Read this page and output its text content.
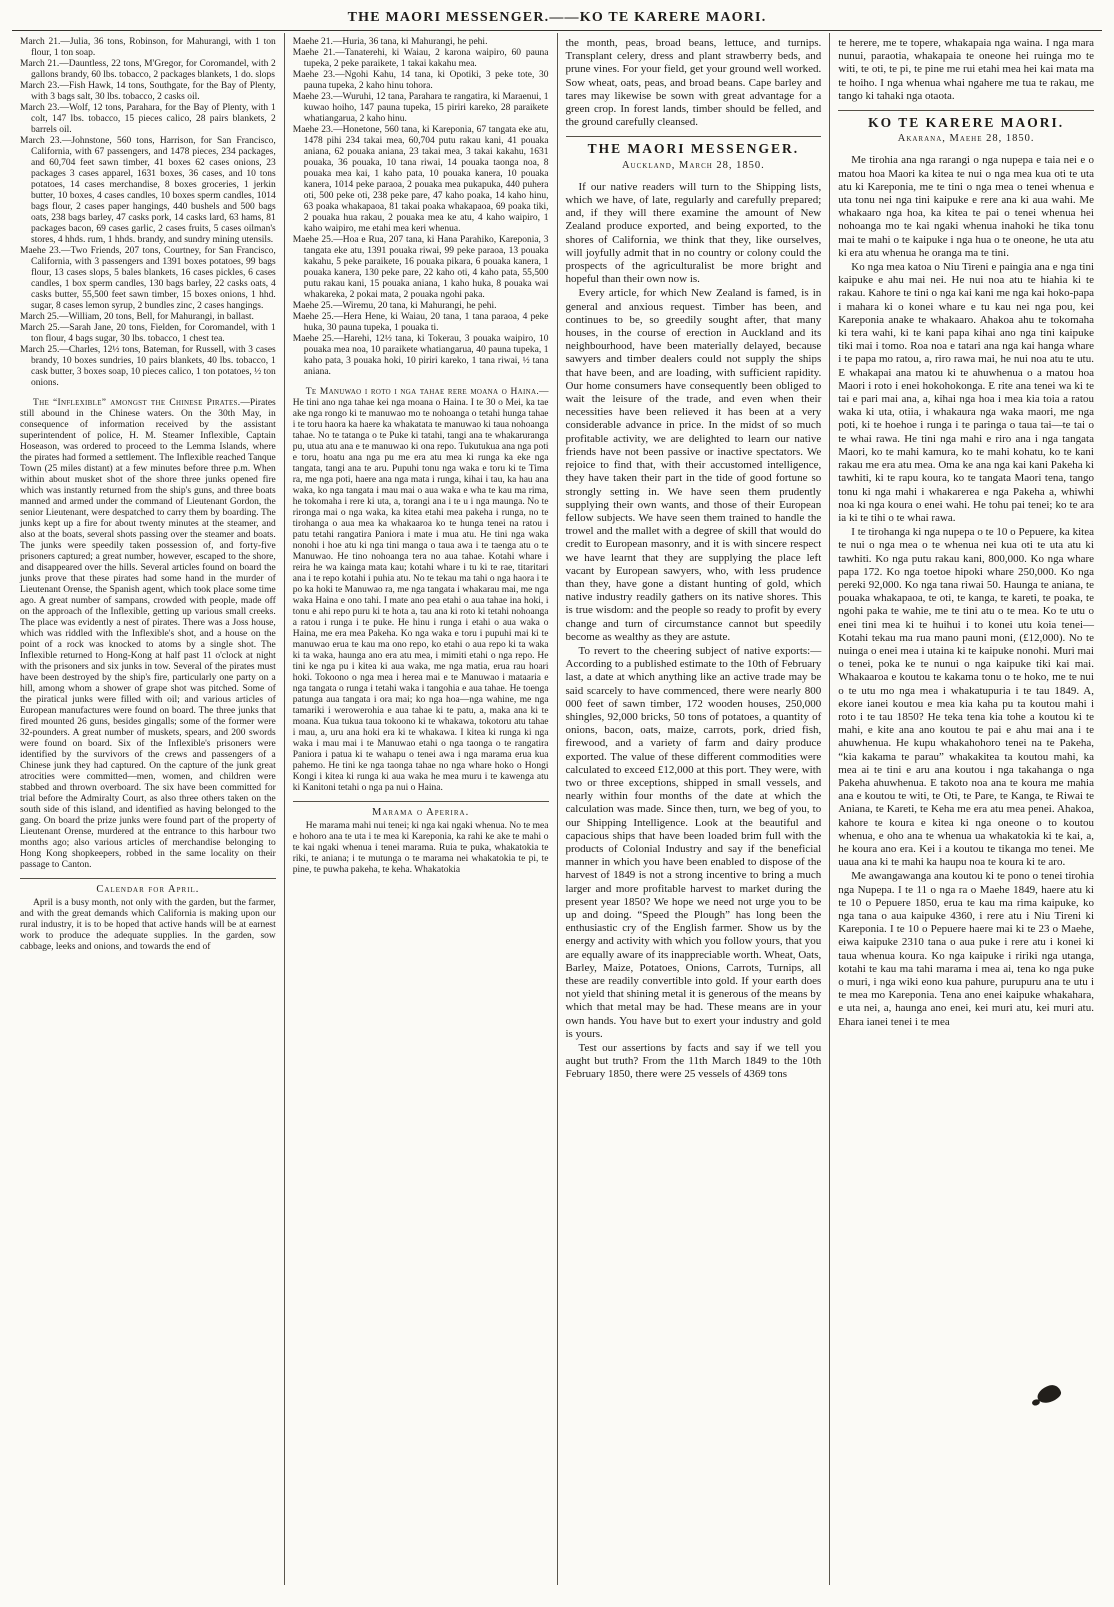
THE MAORI MESSENGER.——KO TE KARERE MAORI.

March 21.—Julia, 36 tons, Robinson, for Mahurangi, with 1 ton flour, 1 ton soap.

March 21.—Dauntless, 22 tons, M'Gregor, for Coromandel, with 2 gallons brandy, 60 lbs. tobacco, 2 packages blankets, 1 do. slops

March 23.—Fish Hawk, 14 tons, Southgate, for the Bay of Plenty, with 3 bags salt, 30 lbs. tobacco, 2 casks oil.

March 23.—Wolf, 12 tons, Parahara, for the Bay of Plenty, with 1 colt, 147 lbs. tobacco, 15 pieces calico, 28 pairs blankets, 2 barrels oil.

March 23.—Johnstone, 560 tons, Harrison, for San Francisco, California, with 67 passengers, and 1478 pieces, 234 packages, and 60,704 feet sawn timber, 41 boxes 62 cases onions, 23 packages 3 cases apparel, 1631 boxes, 36 cases, and 10 tons potatoes, 14 cases merchandise, 8 boxes groceries, 1 jerkin butter, 10 boxes, 4 cases candles, 10 boxes sperm candles, 1014 bags flour, 2 cases paper hangings, 440 bushels and 500 bags oats, 238 bags barley, 47 casks pork, 14 casks lard, 63 hams, 81 packages bacon, 69 cases garlic, 2 cases fruits, 5 cases oilman's stores, 4 hhds. rum, 1 hhds. brandy, and sundry mining utensils.

Maehe 23.—Two Friends, 207 tons, Courtney, for San Francisco, California, with 3 passengers and 1391 boxes potatoes, 99 bags flour, 13 cases slops, 5 bales blankets, 16 cases pickles, 6 cases candles, 1 box sperm candles, 130 bags barley, 22 casks oats, 4 casks butter, 55,500 feet sawn timber, 15 boxes onions, 1 hhd. sugar, 8 cases lemon syrup, 2 bundles zinc, 2 cases hangings.

March 25.—William, 20 tons, Bell, for Mahurangi, in ballast.

March 25.—Sarah Jane, 20 tons, Fielden, for Coromandel, with 1 ton flour, 4 bags sugar, 30 lbs. tobacco, 1 chest tea.

March 25.—Charles, 12½ tons, Bateman, for Russell, with 3 cases brandy, 10 boxes sundries, 10 pairs blankets, 40 lbs. tobacco, 1 cask butter, 3 boxes soap, 10 pieces calico, 1 ton potatoes, ½ ton onions.

The “Inflexible” amongst the Chinese Pirates.—Pirates still abound in the Chinese waters. On the 30th May, in consequence of information received by the assistant superintendent of police, H. M. Steamer Inflexible, Captain Hoseason, was ordered to proceed to the Lemma Islands, where the pirates had formed a settlement. The Inflexible reached Tanque Town (25 miles distant) at a few minutes before three p.m. When within about musket shot of the shore three junks opened fire which was instantly returned from the ship's guns, and three boats manned and armed under the command of Lieutenant Gordon, the senior Lieutenant, were despatched to carry them by boarding. The junks kept up a fire for about twenty minutes at the steamer, and also at the boats, several shots passing over the steamer and boats. The junks were speedily taken possession of, and forty-five prisoners captured; a great number, however, escaped to the shore, and disappeared over the hills. Several articles found on board the junks prove that these pirates had some hand in the murder of Lieutenant Orense, the Spanish agent, which took place some time ago. A great number of sampans, crowded with people, made off on the approach of the Inflexible, getting up various small creeks. The place was evidently a nest of pirates. There was a Joss house, which was riddled with the Inflexible's shot, and a house on the point of a rock was knocked to atoms by a single shot. The Inflexible returned to Hong-Kong at half past 11 o'clock at night with the prisoners and six junks in tow. Several of the pirates must have been destroyed by the ship's fire, particularly one party on a hill, among whom a shower of grape shot was pitched. Some of the piratical junks were filled with oil; and various articles of European manufactures were found on board. The three junks that fired mounted 26 guns, besides gingalls; some of the former were 32-pounders. A great number of muskets, spears, and 200 swords were found on board. Six of the Inflexible's prisoners were identified by the survivors of the crews and passengers of a Chinese junk they had captured. On the capture of the junk great atrocities were committed—men, women, and children were stabbed and thrown overboard. The six have been committed for trial before the Admiralty Court, as also three others taken on the south side of this island, and identified as having belonged to the gang. On board the prize junks were found part of the property of Lieutenant Orense, murdered at the entrance to this harbour two months ago; also various articles of merchandise belonging to Hong Kong shopkeepers, robbed in the same locality on their passage to Canton.

Calendar for April.

April is a busy month, not only with the garden, but the farmer, and with the great demands which California is making upon our rural industry, it is to be hoped that active hands will be at earnest work to produce the adequate supplies. In the garden, sow cabbage, leeks and onions, and towards the end of

Maehe 21.—Huria, 36 tana, ki Mahurangi, he pehi.

Maehe 21.—Tanaterehi, ki Waiau, 2 karona waipiro, 60 pauna tupeka, 2 peke paraikete, 1 takai kakahu mea.

Maehe 23.—Ngohi Kahu, 14 tana, ki Opotiki, 3 peke tote, 30 pauna tupeka, 2 kaho hinu tohora.

Maehe 23.—Wuruhi, 12 tana, Parahara te rangatira, ki Maraenui, 1 kuwao hoiho, 147 pauna tupeka, 15 piriri kareko, 28 paraikete whatiangarua, 2 kaho hinu.

Maehe 23.—Honetone, 560 tana, ki Kareponia, 67 tangata eke atu, 1478 pihi 234 takai mea, 60,704 putu rakau kani, 41 pouaka aniana, 62 pouaka aniana, 23 takai mea, 3 takai kakahu, 1631 pouaka, 36 pouaka, 10 tana riwai, 14 pouaka taonga noa, 8 pouaka mea kai, 1 kaho pata, 10 pouaka kanera, 10 pouaka kanera, 1014 peke paraoa, 2 pouaka mea pukapuka, 440 puhera oti, 500 peke oti, 238 peke pare, 47 kaho poaka, 14 kaho hinu, 63 poaka whakapaoa, 81 takai poaka whakapaoa, 69 poaka tiki, 2 pouaka hua rakau, 2 pouaka mea ke atu, 4 kaho waipiro, 1 kaho waipiro, me etahi mea keri whenua.

Maehe 25.—Hoa e Rua, 207 tana, ki Hana Parahiko, Kareponia, 3 tangata eke atu, 1391 pouaka riwai, 99 peke paraoa, 13 pouaka kakahu, 5 peke paraikete, 16 pouaka pikara, 6 pouaka kanera, 1 pouaka kanera, 130 peke pare, 22 kaho oti, 4 kaho pata, 55,500 putu rakau kani, 15 pouaka aniana, 1 kaho huka, 8 pouaka wai whakareka, 2 pokai mata, 2 pouaka ngohi paka.

Maehe 25.—Wiremu, 20 tana, ki Mahurangi, he pehi.

Maehe 25.—Hera Hene, ki Waiau, 20 tana, 1 tana paraoa, 4 peke huka, 30 pauna tupeka, 1 pouaka ti.

Maehe 25.—Harehi, 12½ tana, ki Tokerau, 3 pouaka waipiro, 10 pouaka mea noa, 10 paraikete whatiangarua, 40 pauna tupeka, 1 kaho pata, 3 pouaka hoki, 10 piriri kareko, 1 tana riwai, ½ tana aniana.

Te Manuwao i roto i nga tahae rere moana o Haina.—He tini ano nga tahae kei nga moana o Haina. I te 30 o Mei, ka tae ake nga rongo ki te manuwao mo te nohoanga o tetahi hunga tahae i te toru haora ka haere ka whakatata te manuwao ki taua nohoanga tahae. No te tatanga o te Puke ki tatahi, tangi ana te whakaruranga pu, utua atu ana e te manuwao ki ona repo. Tukutukua ana nga poti e toru, hoatu ana nga pu me era atu mea ki runga ka eke nga tangata, tangi ana te aru. Pupuhi tonu nga waka e toru ki te Tima ra, me nga poti, haere ana nga mata i runga, kihai i tau, ka hau ana waka, ko nga tangata i mau mai o aua waka e wha te kau ma rima, he tokomaha i rere ki uta, a, torangi ana i te u i nga maunga. No te rironga mai o nga waka, ka kitea etahi mea pakeha i runga, no te tirohanga o aua mea ka whakaaroa ko te hunga tenei na ratou i patu tetahi rangatira Paniora i mate i mua atu. He tini nga waka nonohi i hoe atu ki nga tini manga o taua awa i te taenga atu o te Manuwao. He tino nohoanga tera no aua tahae. Kotahi whare i reira he wa kainga mata kau; kotahi whare i tu ki te rae, titaritari ana i te repo kotahi i puhia atu. No te tekau ma tahi o nga haora i te po ka hoki te Manuwao ra, me nga tangata i whakarau mai, me nga waka Haina e ono tahi. I mate ano pea etahi o aua tahae ina hoki, i tonu e ahi repo puru ki te hota a, tau ana ki roto ki tetahi nohoanga a ratou i runga i te puke. He hinu i runga i etahi o aua waka o Haina, me era mea Pakeha. Ko nga waka e toru i pupuhi mai ki te manuwao erua te kau ma ono repo, ko etahi o aua repo ki ta waka ki ta waka, haunga ano era atu mea, i mimiti etahi o nga repo. He tini ke nga pu i kitea ki aua waka, me nga matia, erua rau hoari hoki. Tokoono o nga mea i herea mai e te Manuwao i mataaria e nga tangata o runga i tetahi waka i tangohia e aua tahae. He toenga patunga aua tangata i ora mai; ko nga hoa—nga wahine, me nga tamariki i werowerohia e aua tahae ki te patu, a, maka ana ki te moana. Kua tukua taua tokoono ki te whakawa, tokotoru atu tahae i mau, a, uru ana hoki era ki te whakawa. I kitea ki runga ki nga waka i mau mai i te Manuwao etahi o nga taonga o te rangatira Paniora i patua ki te wahapu o tenei awa i nga marama erua kua pahemo. He tini ke nga taonga tahae no nga whare hoko o Hongi Kongi i kitea ki runga ki aua waka he mea muru i te kawenga atu ki Kanitoni tetahi o nga pa nui o Haina.

Marama o Aperira.

He marama mahi nui tenei; ki nga kai ngaki whenua. No te mea e hohoro ana te uta i te mea ki Kareponia, ka rahi ke ake te mahi o te kai ngaki whenua i tenei marama. Ruia te puka, whakatokia te riki, te aniana; i te mutunga o te marama nei whakatokia te pi, te pine, te puwha pakeha, te keha. Whakatokia

the month, peas, broad beans, lettuce, and turnips. Transplant celery, dress and plant strawberry beds, and prune vines. For your field, get your ground well worked. Sow wheat, oats, peas, and broad beans. Cape barley and tares may likewise be sown with great advantage for a green crop. In forest lands, timber should be felled, and the ground carefully cleansed.

THE MAORI MESSENGER.
Auckland, March 28, 1850.

If our native readers will turn to the Shipping lists, which we have, of late, regularly and carefully prepared; and, if they will there examine the amount of New Zealand produce exported, and being exported, to the shores of California, we think that they, like ourselves, will joyfully admit that in no country or colony could the prospects of the agriculturalist be more bright and hopeful than their own now is.

Every article, for which New Zealand is famed, is in general and anxious request. Timber has been, and continues to be, so greedily sought after, that many houses, in the course of erection in Auckland and its neighbourhood, have been materially delayed, because sawyers and timber dealers could not supply the ships that have been, and are loading, with sufficient rapidity. Our home consumers have consequently been obliged to wait the leisure of the trade, and even when their necessities have been relieved it has been at a very considerable advance in price. In the midst of so much profitable activity, we are delighted to learn our native friends have not been passive or inactive spectators. We rejoice to find that, with their accustomed intelligence, they have taken their part in the tide of good fortune so strongly setting in. We have seen them prudently supplying their own wants, and those of their European fellow subjects. We have seen them trained to handle the trowel and the mallet with a degree of skill that would do credit to European masonry, and it is with sincere respect we have learnt that they are supplying the place left vacant by European sawyers, who, with less prudence than they, have gone a distant hunting of gold, which native industry readily gathers on its native shores. This is true wisdom: and the people so ready to profit by every change and turn of circumstance cannot but speedily become as wealthy as they are astute.

To revert to the cheering subject of native exports:—According to a published estimate to the 10th of February last, a date at which anything like an active trade may be said scarcely to have commenced, there were nearly 800 000 feet of sawn timber, 172 wooden houses, 250,000 shingles, 92,000 bricks, 50 tons of potatoes, a quantity of onions, bacon, oats, maize, carrots, pork, dried fish, firewood, and a variety of farm and dairy produce exported. The value of these different commodities were calculated to exceed £12,000 at this port. They were, with two or three exceptions, shipped in small vessels, and nearly within four months of the date at which the calculation was made. Since then, turn, we beg of you, to our Shipping Intelligence. Look at the beautiful and capacious ships that have been loaded brim full with the products of Colonial Industry and say if the beneficial manner in which you have been enabled to dispose of the harvest of 1849 is not a strong incentive to bring a much larger and more profitable harvest to market during the present year 1850? We hope we need not urge you to be up and doing. “Speed the Plough” has long been the enthusiastic cry of the English farmer. Show us by the energy and activity with which you follow yours, that you are equally aware of its inappreciable worth. Wheat, Oats, Barley, Maize, Potatoes, Onions, Carrots, Turnips, all these are readily convertible into gold. If your earth does not yield that shining metal it is generous of the means by which that metal may be had. These means are in your own hands. You have but to exert your industry and gold is yours.

Test our assertions by facts and say if we tell you aught but truth? From the 11th March 1849 to the 10th February 1850, there were 25 vessels of 4369 tons

te herere, me te topere, whakapaia nga waina. I nga mara nunui, paraotia, whakapaia te oneone hei ruinga mo te witi, te oti, te pi, te pine me rui etahi mea hei kai mata ma te hoiho. I nga whenua whai ngahere me tua te rakau, me tango ki tahaki nga otaota.

KO TE KARERE MAORI.
Akarana, Maehe 28, 1850.

Me tirohia ana nga rarangi o nga nupepa e taia nei e o matou hoa Maori ka kitea te nui o nga mea kua oti te uta atu ki Kareponia, me te tini o nga mea o tenei whenua e uta tonu nei nga tini kaipuke e rere ana ki aua wahi. Me whakaaro nga hoa, ka kitea te pai o tenei whenua hei nohoanga mo te kai ngaki whenua inahoki he tika tonu mai te mahi o te kaipuke i nga hua o te oneone, he uta atu ki era atu whenua he oranga ma te tini.

Ko nga mea katoa o Niu Tireni e paingia ana e nga tini kaipuke e ahu mai nei. He nui noa atu te hiahia ki te rakau. Kahore te tini o nga kai kani me nga kai hoko-papa i mahara ki o konei whare e tu kau nei nga pou, kei Kareponia anake te whakaaro. Ahakoa ahu te tokomaha ki tera wahi, ki te kani papa kihai ano nga tini kaipuke tiki mai i tomo. Roa noa e tatari ana nga kai hanga whare i te papa mo ratou, a, riro rawa mai, he nui noa atu te utu. E whakapai ana matou ki te ahuwhenua o a matou hoa Maori i roto i enei hokohokonga. E rite ana tenei wa ki te tai e pari mai ana, a, kihai nga hoa i mea kia toia a ratou waka ki uta, otiia, i whakaura nga waka maori, me nga poti, ki te hoehoe i runga i te paringa o taua tai—te tai o te whai rawa. He tini nga mahi e riro ana i nga tangata Maori, ko te mahi kamura, ko te mahi kohatu, ko te kani rakau me era atu mea. Oma ke ana nga kai kani Pakeha ki tawhiti, ki te rapu koura, ko te tangata Maori tena, tango tonu ki nga mahi i whakarerea e nga Pakeha a, whiwhi noa ki nga koura o enei wahi. He tohu pai tenei; ko te ara ia ki te tihi o te whai rawa.

I te tirohanga ki nga nupepa o te 10 o Pepuere, ka kitea te nui o nga mea o te whenua nei kua oti te uta atu ki tawhiti. Ko nga putu rakau kani, 800,000. Ko nga whare papa 172. Ko nga toetoe hipoki whare 250,000. Ko nga pereki 92,000. Ko nga tana riwai 50. Haunga te aniana, te pouaka whakapaoa, te oti, te kanga, te kareti, te poaka, te ngohi paka te wahie, me te tini atu o te mea. Ko te utu o enei tini mea ki te huihui i to konei utu koia tenei—Kotahi tekau ma rua mano pauni moni, (£12,000). No te nuinga o enei mea i utaina ki te kaipuke nonohi. Muri mai o tenei, poka ke te nunui o nga kaipuke tiki kai mai. Whakaaroa e koutou te kakama tonu o te hoko, me te nui o te utu mo nga mea i whakatupuria i te tau 1849. A, ekore ianei koutou e mea kia kaha pu ta koutou mahi i roto i te tau 1850? He teka tena kia tohe a koutou ki te mahi, e kite ana ano koutou te pai e ahu mai ana i te ahuwhenua. He kupu whakahohoro tenei na te Pakeha, “kia kakama te parau” whakakitea ta koutou mahi, ka mea ai te tini e aru ana koutou i nga takahanga o nga Pakeha ahuwhenua. E takoto noa ana te koura me mahia ana e koutou te witi, te Oti, te Pare, te Kanga, te Riwai te Aniana, te Kareti, te Keha me era atu mea penei. Ahakoa, kahore te koura e kitea ki nga oneone o to koutou whenua, e oho ana te whenua ua whakatokia ki te kai, a, he koura ano era. Kei i a koutou te tikanga mo tenei. Me uaua ana ki te mahi ka haupu noa te koura ki te aro.

Me awangawanga ana koutou ki te pono o tenei tirohia nga Nupepa. I te 11 o nga ra o Maehe 1849, haere atu ki te 10 o Pepuere 1850, erua te kau ma rima kaipuke, ko nga tana o aua kaipuke 4360, i rere atu i Niu Tireni ki Kareponia. I te 10 o Pepuere haere mai ki te 23 o Maehe, eiwa kaipuke 2310 tana o aua puke i rere atu i konei ki taua whenua koura. Ko nga kaipuke i ririki nga utanga, kotahi te kau ma tahi marama i mea ai, tena ko nga puke o muri, i nga wiki eono kua pahure, purupuru ana te utu i te mea mo Kareponia. Tena ano enei kaipuke whakahara, e uta nei, a, haunga ano enei, kei muri atu, kei muri atu. Ehara ianei tenei i te mea
